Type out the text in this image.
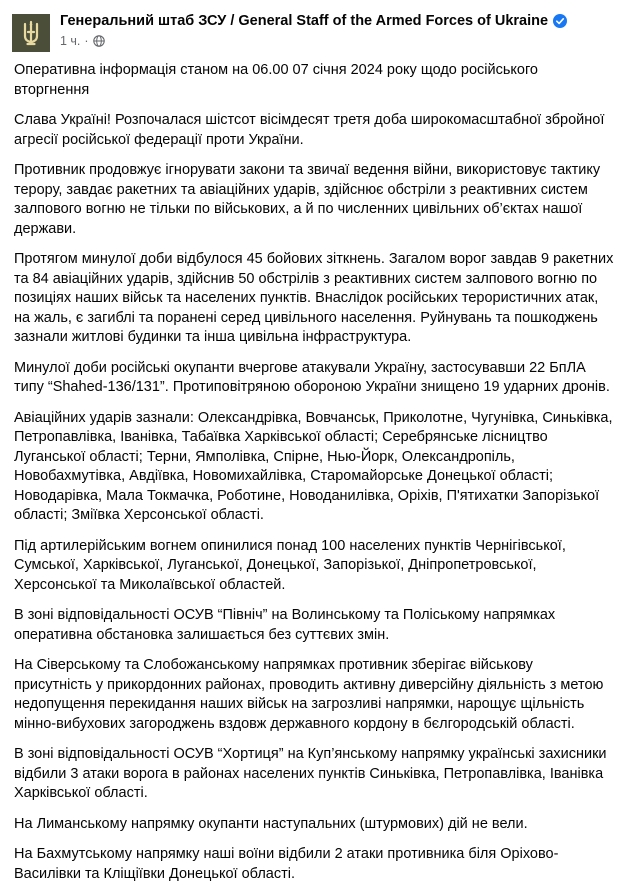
Генеральний штаб ЗСУ / General Staff of the Armed Forces of Ukraine
1 ч. ·

Оперативна інформація станом на 06.00 07 січня 2024 року щодо російського вторгнення

Слава Україні! Розпочалася шістсот вісімдесят третя доба широкомасштабної збройної агресії російської федерації проти України.

Противник продовжує ігнорувати закони та звичаї ведення війни, використовує тактику терору, завдає ракетних та авіаційних ударів, здійснює обстріли з реактивних систем залпового вогню не тільки по військових, а й по численних цивільних об’єктах нашої держави.

Протягом минулої доби відбулося 45 бойових зіткнень. Загалом ворог завдав 9 ракетних та 84 авіаційних ударів, здійснив 50 обстрілів з реактивних систем залпового вогню по позиціях наших військ та населених пунктів. Внаслідок російських терористичних атак, на жаль, є загиблі та поранені серед цивільного населення. Руйнувань та пошкоджень зазнали житлові будинки та інша цивільна інфраструктура.

Минулої доби російські окупанти вчергове атакували Україну, застосувавши 22 БпЛА типу “Shahed-136/131”. Протиповітряною обороною України знищено 19 ударних дронів.

Авіаційних ударів зазнали: Олександрівка, Вовчанськ, Приколотне, Чугунівка, Синьківка, Петропавлівка, Іванівка, Табаївка Харківської області; Серебрянське лісництво Луганської області; Терни, Ямполівка, Спірне, Нью-Йорк, Олександропіль, Новобахмутівка, Авдіївка, Новомихайлівка, Старомайорське Донецької області; Новодарівка, Мала Токмачка, Роботине, Новоданилівка, Оріхів, П'ятихатки Запорізької області; Зміївка Херсонської області.

Під артилерійським вогнем опинилися понад 100 населених пунктів Чернігівської, Сумської, Харківської, Луганської, Донецької, Запорізької, Дніпропетровської, Херсонської та Миколаївської областей.

В зоні відповідальності ОСУВ “Північ” на Волинському та Поліському напрямках оперативна обстановка залишається без суттєвих змін.

На Сіверському та Слобожанському напрямках противник зберігає військову присутність у прикордонних районах, проводить активну диверсійну діяльність з метою недопущення перекидання наших військ на загрозливі напрямки, нарощує щільність мінно-вибухових загороджень вздовж державного кордону в бєлгородській області.

В зоні відповідальності ОСУВ “Хортиця” на Куп’янському напрямку українські захисники відбили 3 атаки ворога в районах населених пунктів Синьківка, Петропавлівка, Іванівка Харківської області.

На Лиманському напрямку окупанти наступальних (штурмових) дій не вели.

На Бахмутському напрямку наші воїни відбили 2 атаки противника біля Оріхово-Василівки та Кліщіївки Донецької області.
